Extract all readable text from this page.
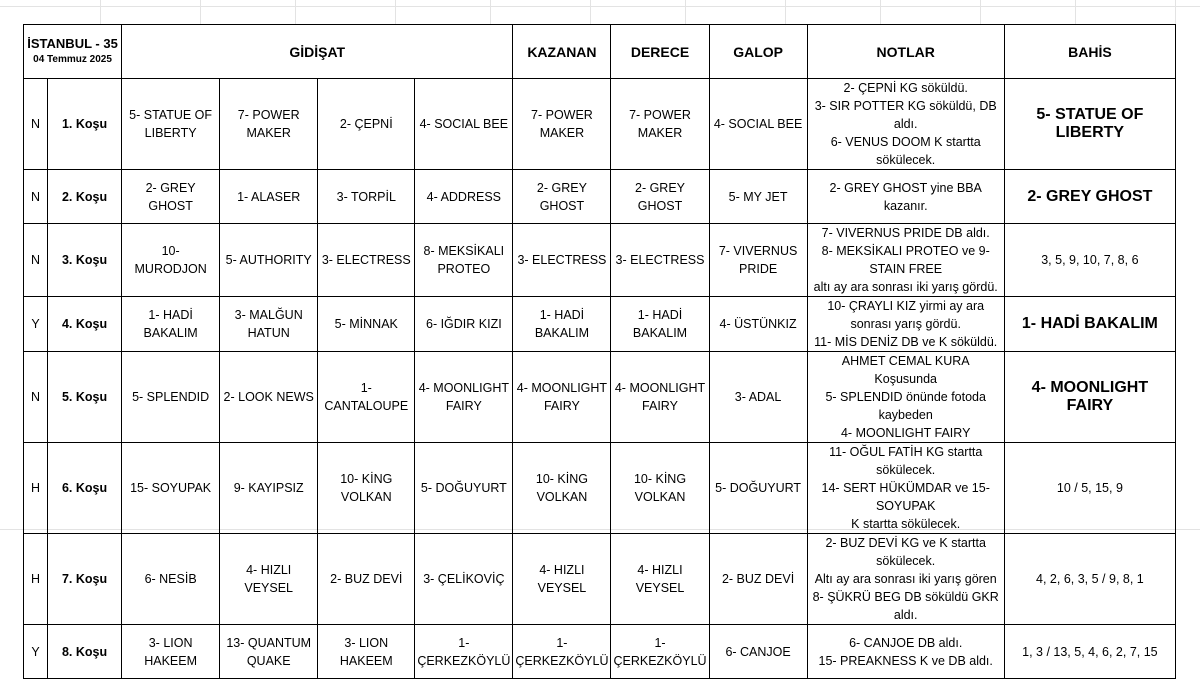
İSTANBUL - 35
04 Temmuz 2025		GİDİŞAT				KAZANAN	DERECE	GALOP	NOTLAR	BAHİS
N	1. Koşu	5- STATUE OF LIBERTY	7- POWER MAKER	2- ÇEPNİ	4- SOCIAL BEE	7- POWER MAKER	7- POWER MAKER	4- SOCIAL BEE	2- ÇEPNİ KG söküldü.
3- SIR POTTER KG söküldü, DB aldı.
6- VENUS DOOM K startta sökülecek.	5- STATUE OF LIBERTY
N	2. Koşu	2- GREY GHOST	1- ALASER	3- TORPİL	4- ADDRESS	2- GREY GHOST	2- GREY GHOST	5- MY JET	2- GREY GHOST yine BBA kazanır.	2- GREY GHOST
N	3. Koşu	10- MURODJON	5- AUTHORITY	3- ELECTRESS	8- MEKSİKALI PROTEO	3- ELECTRESS	3- ELECTRESS	7- VIVERNUS PRIDE	7- VIVERNUS PRIDE DB aldı.
8- MEKSİKALI PROTEO ve 9- STAIN FREE
altı ay ara sonrası iki yarış gördü.	3, 5, 9, 10, 7, 8, 6
Y	4. Koşu	1- HADİ BAKALIM	3- MALĞUN HATUN	5- MİNNAK	6- IĞDIR KIZI	1- HADİ BAKALIM	1- HADİ BAKALIM	4- ÜSTÜNKIZ	10- ÇRAYLI KIZ yirmi ay ara sonrası yarış gördü.
11- MİS DENİZ DB ve K söküldü.	1- HADİ BAKALIM
N	5. Koşu	5- SPLENDID	2- LOOK NEWS	1- CANTALOUPE	4- MOONLIGHT FAIRY	4- MOONLIGHT FAIRY	4- MOONLIGHT FAIRY	3- ADAL	AHMET CEMAL KURA Koşusunda
5- SPLENDID önünde fotoda kaybeden
4- MOONLIGHT FAIRY	4- MOONLIGHT FAIRY
H	6. Koşu	15- SOYUPAK	9- KAYIPSIZ	10- KİNG VOLKAN	5- DOĞUYURT	10- KİNG VOLKAN	10- KİNG VOLKAN	5- DOĞUYURT	11- OĞUL FATİH KG startta sökülecek.
14- SERT HÜKÜMDAR ve 15- SOYUPAK
K startta sökülecek.	10 / 5, 15, 9
H	7. Koşu	6- NESİB	4- HIZLI VEYSEL	2- BUZ DEVİ	3- ÇELİKOVİÇ	4- HIZLI VEYSEL	4- HIZLI VEYSEL	2- BUZ DEVİ	2- BUZ DEVİ KG ve K startta sökülecek.
Altı ay ara sonrası iki yarış gören
8- ŞÜKRÜ BEG DB söküldü GKR aldı.	4, 2, 6, 3, 5 / 9, 8, 1
Y	8. Koşu	3- LION HAKEEM	13- QUANTUM QUAKE	3- LION HAKEEM	1- ÇERKEZKÖYLÜ	1- ÇERKEZKÖYLÜ	1- ÇERKEZKÖYLÜ	6- CANJOE	6- CANJOE DB aldı.
15- PREAKNESS K ve DB aldı.	1, 3 / 13, 5, 4, 6, 2, 7, 15
